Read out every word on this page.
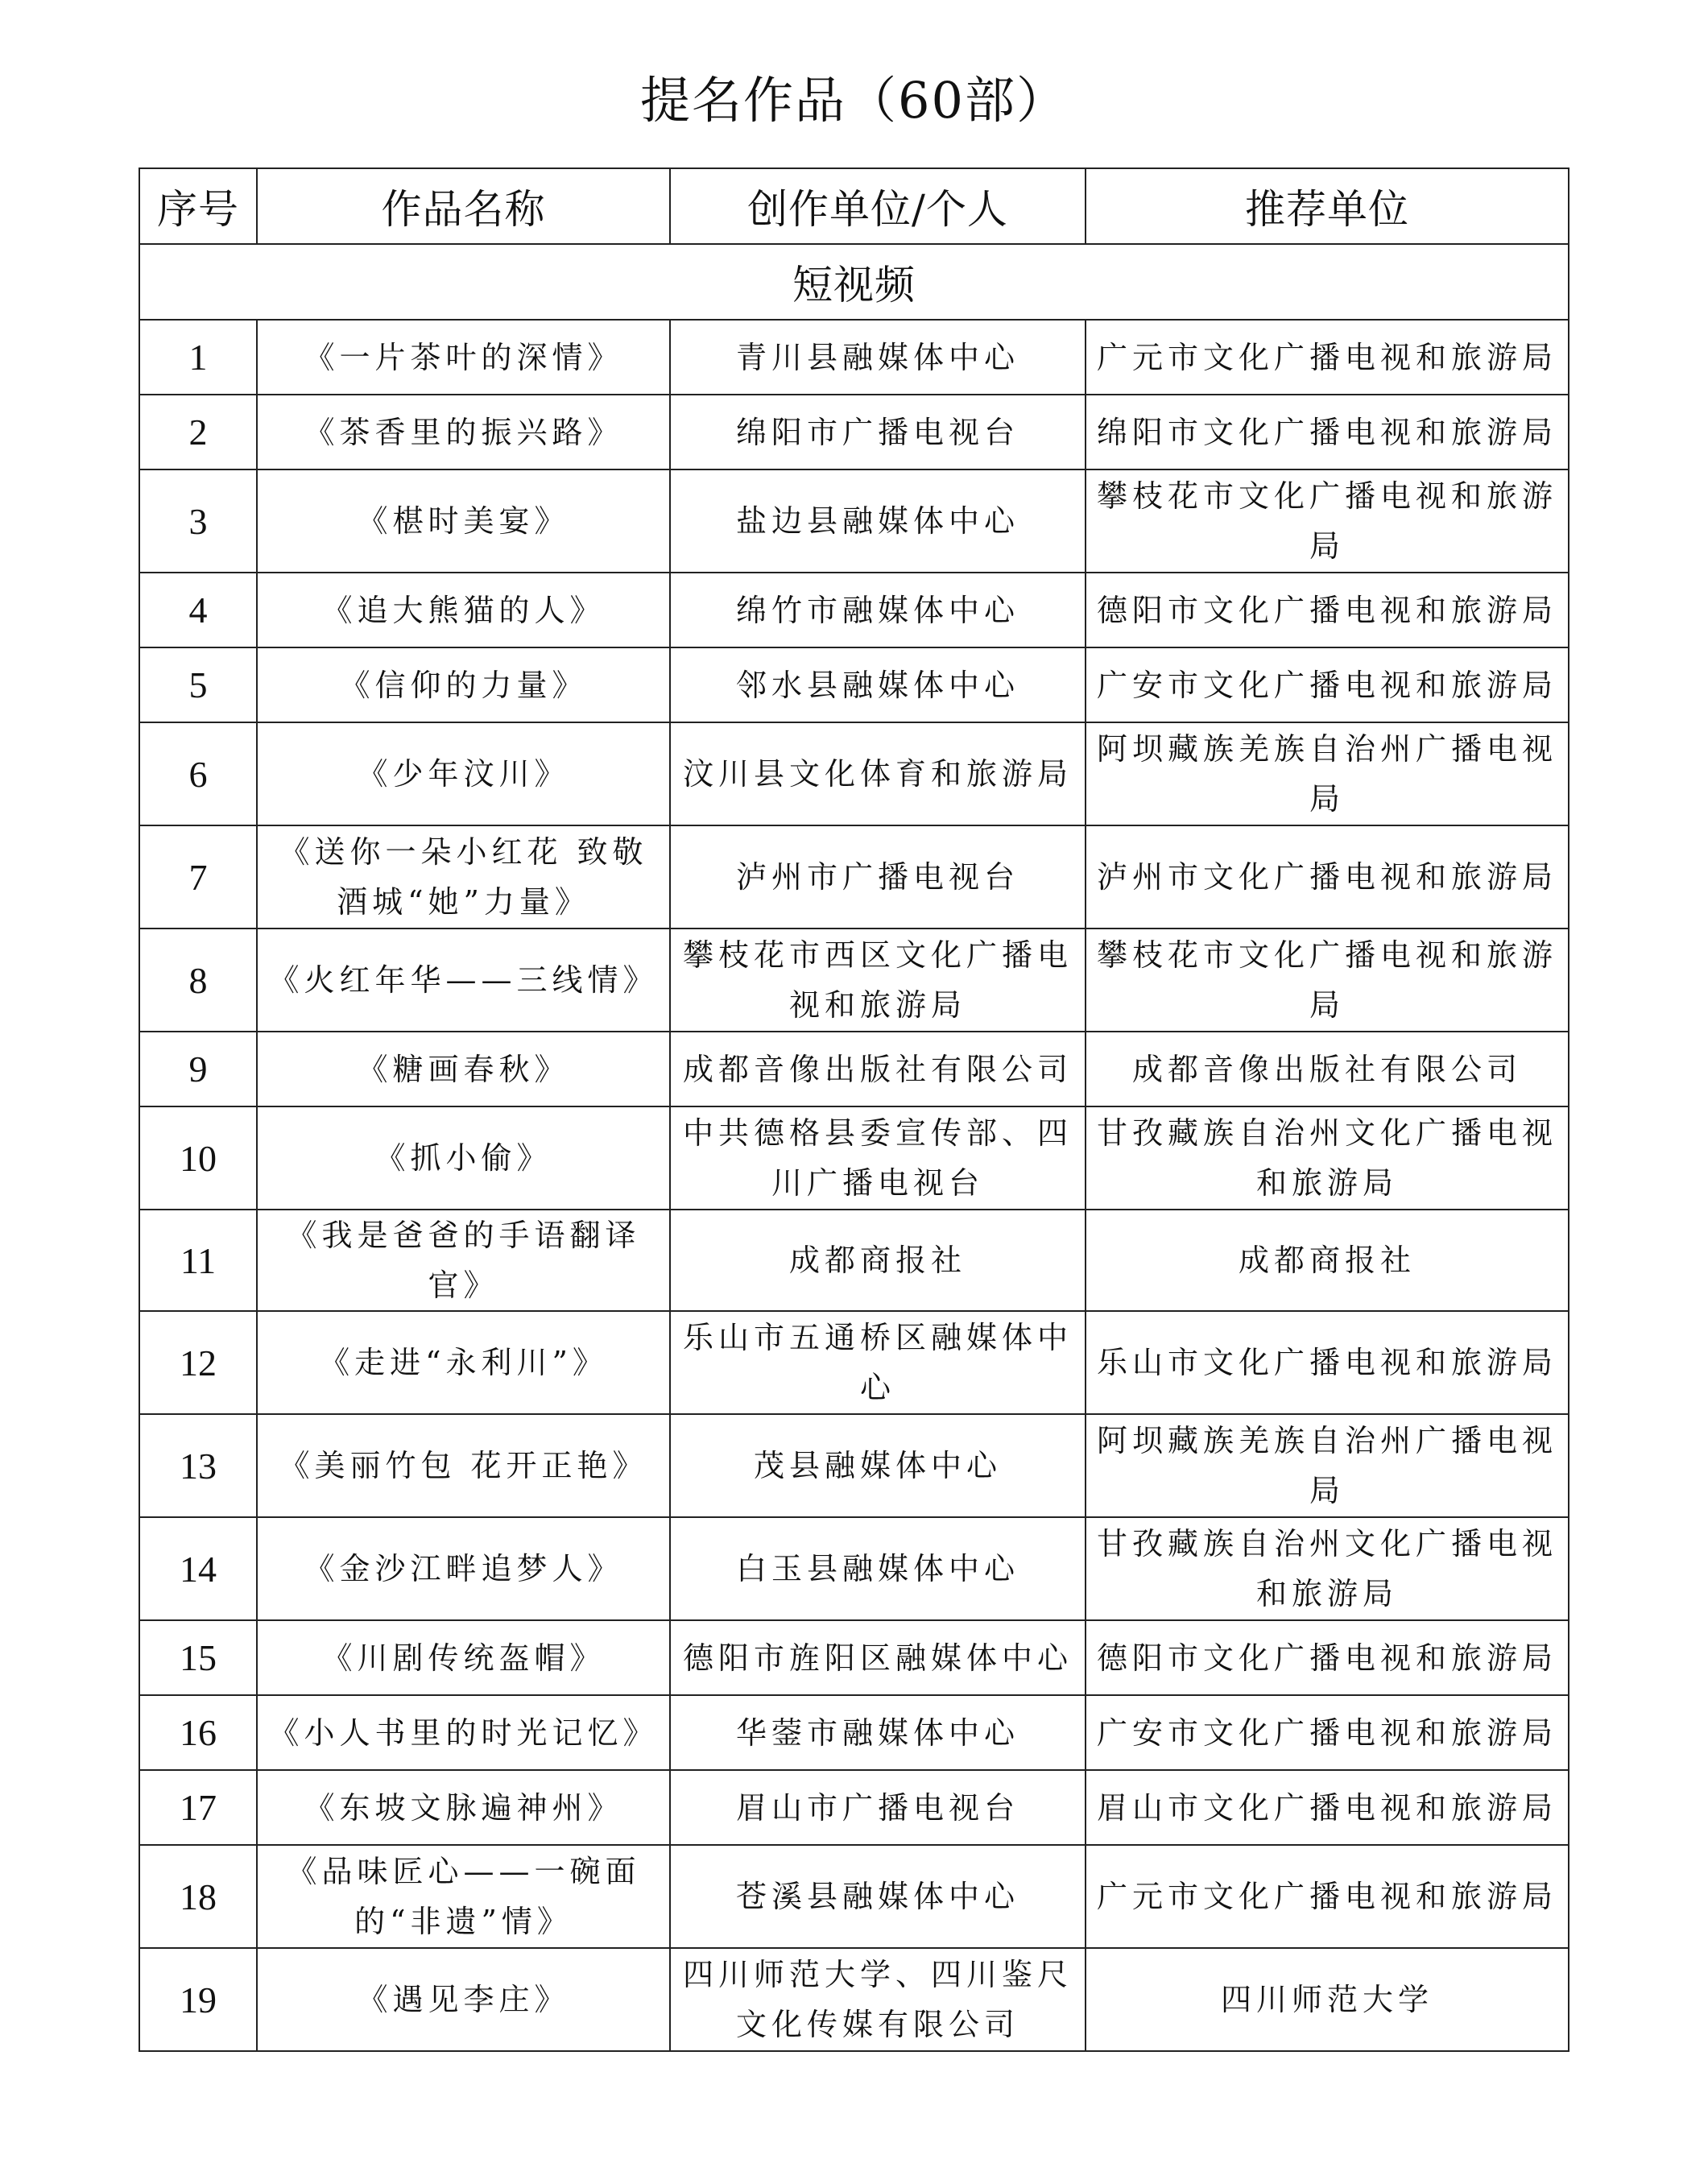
提名作品（60部）
序号	作品名称	创作单位/个人	推荐单位
短视频			
1	《一片茶叶的深情》	青川县融媒体中心	广元市文化广播电视和旅游局
2	《茶香里的振兴路》	绵阳市广播电视台	绵阳市文化广播电视和旅游局
3	《椹时美宴》	盐边县融媒体中心	攀枝花市文化广播电视和旅游局
4	《追大熊猫的人》	绵竹市融媒体中心	德阳市文化广播电视和旅游局
5	《信仰的力量》	邻水县融媒体中心	广安市文化广播电视和旅游局
6	《少年汶川》	汶川县文化体育和旅游局	阿坝藏族羌族自治州广播电视局
7	《送你一朵小红花 致敬酒城“她”力量》	泸州市广播电视台	泸州市文化广播电视和旅游局
8	《火红年华——三线情》	攀枝花市西区文化广播电视和旅游局	攀枝花市文化广播电视和旅游局
9	《糖画春秋》	成都音像出版社有限公司	成都音像出版社有限公司
10	《抓小偷》	中共德格县委宣传部、四川广播电视台	甘孜藏族自治州文化广播电视和旅游局
11	《我是爸爸的手语翻译官》	成都商报社	成都商报社
12	《走进“永利川”》	乐山市五通桥区融媒体中心	乐山市文化广播电视和旅游局
13	《美丽竹包 花开正艳》	茂县融媒体中心	阿坝藏族羌族自治州广播电视局
14	《金沙江畔追梦人》	白玉县融媒体中心	甘孜藏族自治州文化广播电视和旅游局
15	《川剧传统盔帽》	德阳市旌阳区融媒体中心	德阳市文化广播电视和旅游局
16	《小人书里的时光记忆》	华蓥市融媒体中心	广安市文化广播电视和旅游局
17	《东坡文脉遍神州》	眉山市广播电视台	眉山市文化广播电视和旅游局
18	《品味匠心——一碗面的“非遗”情》	苍溪县融媒体中心	广元市文化广播电视和旅游局
19	《遇见李庄》	四川师范大学、四川鉴尺文化传媒有限公司	四川师范大学
